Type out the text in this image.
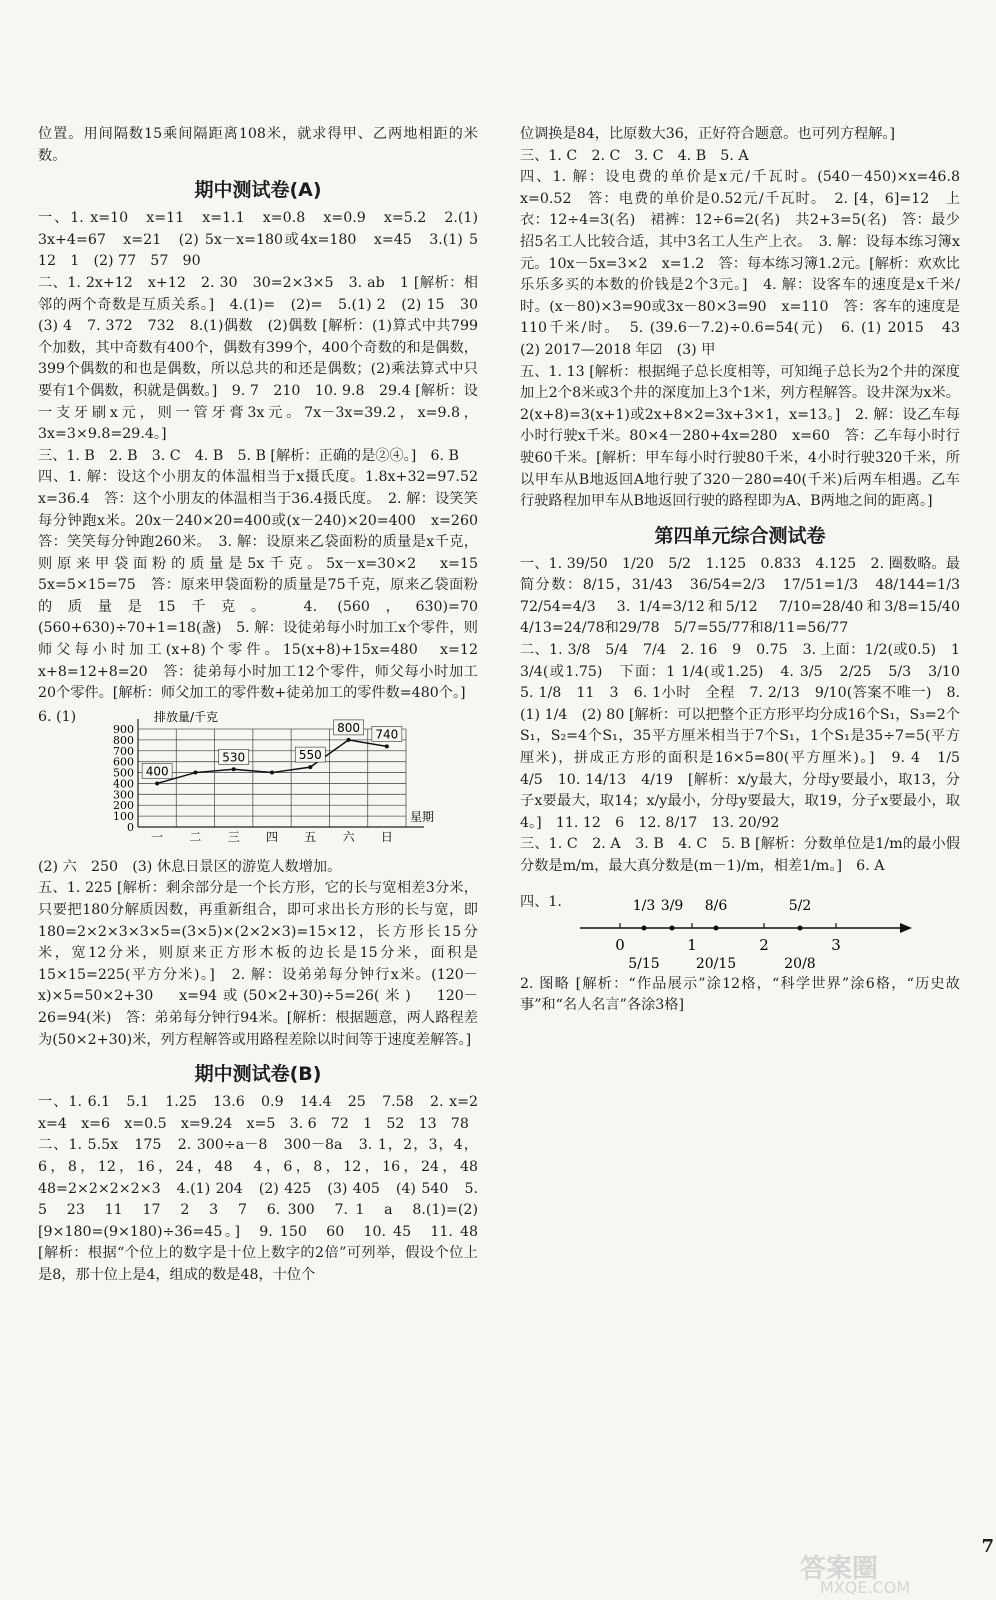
位置。用间隔数15乘间隔距离108米，就求得甲、乙两地相距的米数。

期中测试卷(A)

一、1. x=10　x=11　x=1.1　x=0.8　x=0.9　x=5.2　2.(1) 3x+4=67　x=21　(2) 5x－x=180或4x=180　x=45　3.(1) 5　12　1　(2) 77　57　90

二、1. 2x+12　x+12　2. 30　30=2×3×5　3. ab　1 [解析：相邻的两个奇数是互质关系。]　4.(1)=　(2)=　5.(1) 2　(2) 15　30　(3) 4　7. 372　732　8.(1)偶数　(2)偶数 [解析：(1)算式中共799个加数，其中奇数有400个，偶数有399个，400个奇数的和是偶数，399个偶数的和也是偶数，所以总共的和还是偶数；(2)乘法算式中只要有1个偶数，积就是偶数。]　9. 7　210　10. 9.8　29.4 [解析：设一支牙刷x元，则一管牙膏3x元。7x－3x=39.2，x=9.8，3x=3×9.8=29.4。]

三、1. B　2. B　3. C　4. B　5. B [解析：正确的是②④。]　6. B

四、1. 解：设这个小朋友的体温相当于x摄氏度。1.8x+32=97.52　x=36.4　答：这个小朋友的体温相当于36.4摄氏度。　2. 解：设笑笑每分钟跑x米。20x－240×20=400或(x－240)×20=400　x=260　答：笑笑每分钟跑260米。　3. 解：设原来乙袋面粉的质量是x千克，则原来甲袋面粉的质量是5x千克。5x－x=30×2　x=15　5x=5×15=75　答：原来甲袋面粉的质量是75千克，原来乙袋面粉的质量是15千克。　4. (560，630)=70　(560+630)÷70+1=18(盏)　5. 解：设徒弟每小时加工x个零件，则师父每小时加工(x+8)个零件。15(x+8)+15x=480　x=12　x+8=12+8=20　答：徒弟每小时加工12个零件，师父每小时加工20个零件。[解析：师父加工的零件数+徒弟加工的零件数=480个。]

6. (1)
0
100
200
300
400
500
600
700
800
900
排放量/千克
星期
一 二 三 四 五 六 日
400
530	550
800 740

(2) 六　250　(3) 休息日景区的游览人数增加。

五、1. 225 [解析：剩余部分是一个长方形，它的长与宽相差3分米，只要把180分解质因数，再重新组合，即可求出长方形的长与宽，即180=2×2×3×3×5=(3×5)×(2×2×3)=15×12，长方形长15分米，宽12分米，则原来正方形木板的边长是15分米，面积是15×15=225(平方分米)。]　2. 解：设弟弟每分钟行x米。(120－x)×5=50×2+30　x=94或(50×2+30)÷5=26(米)　120－26=94(米)　答：弟弟每分钟行94米。[解析：根据题意，两人路程差为(50×2+30)米，列方程解答或用路程差除以时间等于速度差解答。]

期中测试卷(B)

一、1. 6.1　5.1　1.25　13.6　0.9　14.4　25　7.58　2. x=2　x=4　x=6　x=0.5　x=9.24　x=5　3. 6　72　1　52　13　78

二、1. 5.5x　175　2. 300÷a－8　300－8a　3. 1，2，3，4，6，8，12，16，24，48　4，6，8，12，16，24，48　48=2×2×2×2×3　4.(1) 204　(2) 425　(3) 405　(4) 540　5. 5　23　11　17　2　3　7　6. 300　7. 1　a　8.(1)=(2)[9×180=(9×180)÷36=45。]　9. 150　60　10. 45　11. 48　[解析：根据“个位上的数字是十位上数字的2倍”可列举，假设个位上是8，那十位上是4，组成的数是48，十位个

位调换是84，比原数大36，正好符合题意。也可列方程解。]

三、1. C　2. C　3. C　4. B　5. A

四、1. 解：设电费的单价是x元/千瓦时。(540－450)×x=46.8　x=0.52　答：电费的单价是0.52元/千瓦时。　2. [4，6]=12　上衣：12÷4=3(名)　裙裤：12÷6=2(名)　共2+3=5(名)　答：最少招5名工人比较合适，其中3名工人生产上衣。　3. 解：设每本练习簿x元。10x－5x=3×2　x=1.2　答：每本练习簿1.2元。[解析：欢欢比乐乐多买的本数的价钱是2个3元。]　4. 解：设客车的速度是x千米/时。(x－80)×3=90或3x－80×3=90　x=110　答：客车的速度是110千米/时。　5. (39.6－7.2)÷0.6=54(元)　6. (1) 2015　43　(2) 2017—2018 年☑　(3) 甲

五、1. 13 [解析：根据绳子总长度相等，可知绳子总长为2个井的深度加上2个8米或3个井的深度加上3个1米，列方程解答。设井深为x米。2(x+8)=3(x+1)或2x+8×2=3x+3×1，x=13。]　2. 解：设乙车每小时行驶x千米。80×4－280+4x=280　x=60　答：乙车每小时行驶60千米。[解析：甲车每小时行驶80千米，4小时行驶320千米，所以甲车从B地返回A地行驶了320－280=40(千米)后两车相遇。乙车行驶路程加甲车从B地返回行驶的路程即为A、B两地之间的距离。]

第四单元综合测试卷

一、1. 39/50　1/20　5/2　1.125　0.833　4.125　2. 圈数略。最简分数：8/15，31/43　36/54=2/3　17/51=1/3　48/144=1/3　72/54=4/3　3. 1/4=3/12和5/12　7/10=28/40和3/8=15/40　4/13=24/78和29/78　5/7=55/77和8/11=56/77

二、1. 3/8　5/4　7/4　2. 16　9　0.75　3. 上面：1/2(或0.5)　1 3/4(或1.75)　下面：1 1/4(或1.25)　4. 3/5　2/25　5/3　3/10　5. 1/8　11　3　6. 1小时　全程　7. 2/13　9/10(答案不唯一)　8.(1) 1/4　(2) 80 [解析：可以把整个正方形平均分成16个S₁，S₃=2个S₁，S₂=4个S₁，35平方厘米相当于7个S₁，1个S₁是35÷7=5(平方厘米)，拼成正方形的面积是16×5=80(平方厘米)。]　9. 4　1/5　4/5　10. 14/13　4/19　[解析：x/y最大，分母y要最小，取13，分子x要最大，取14；x/y最小，分母y要最大，取19，分子x要最小，取4。]　11. 12　6　12. 8/17　13. 20/92

三、1. C　2. A　3. B　4. C　5. B [解析：分数单位是1/m的最小假分数是m/m，最大真分数是(m－1)/m，相差1/m。]　6. A

四、1.
0	1	2	3
1/3 3/9 8/6	5/2
5/15	20/15	20/8

2. 图略 [解析：“作品展示”涂12格，“科学世界”涂6格，“历史故事”和“名人名言”各涂3格]

7
答案圈
MXQE.COM
